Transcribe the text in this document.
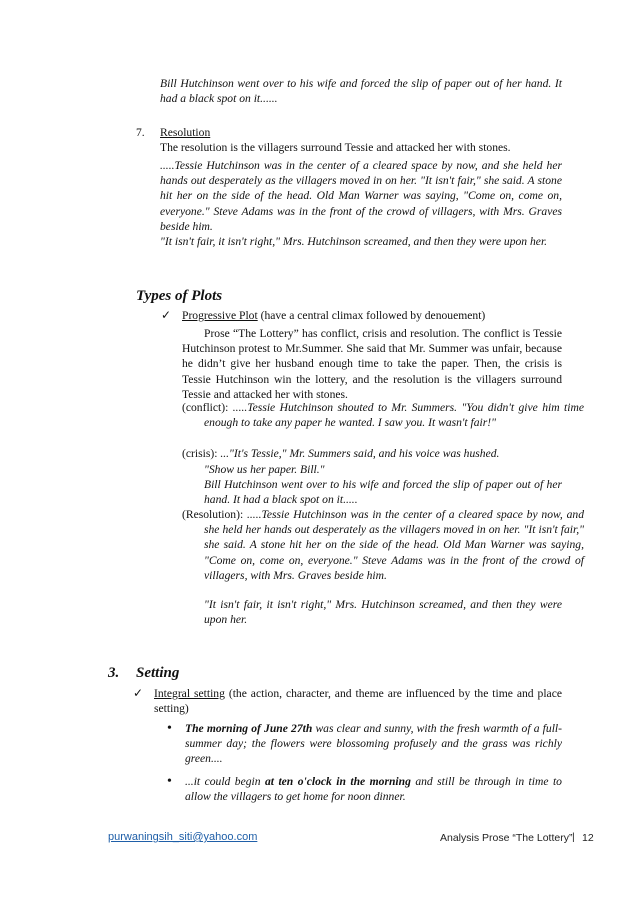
Bill Hutchinson went over to his wife and forced the slip of paper out of her hand. It had a black spot on it......

7. Resolution

The resolution is the villagers surround Tessie and attacked her with stones.

.....Tessie Hutchinson was in the center of a cleared space by now, and she held her hands out desperately as the villagers moved in on her. "It isn't fair," she said. A stone hit her on the side of the head. Old Man Warner was saying, "Come on, come on, everyone." Steve Adams was in the front of the crowd of villagers, with Mrs. Graves beside him.

"It isn't fair, it isn't right," Mrs. Hutchinson screamed, and then they were upon her.

Types of Plots

✓ Progressive Plot (have a central climax followed by denouement)

Prose “The Lottery” has conflict, crisis and resolution. The conflict is Tessie Hutchinson protest to Mr.Summer. She said that Mr. Summer was unfair, because he didn’t give her husband enough time to take the paper. Then, the crisis is Tessie Hutchinson win the lottery, and the resolution is the villagers surround Tessie and attacked her with stones.

(conflict): .....Tessie Hutchinson shouted to Mr. Summers. "You didn't give him time enough to take any paper he wanted. I saw you. It wasn't fair!"

(crisis): ..."It's Tessie," Mr. Summers said, and his voice was hushed.

"Show us her paper. Bill."

Bill Hutchinson went over to his wife and forced the slip of paper out of her hand. It had a black spot on it.....

(Resolution): .....Tessie Hutchinson was in the center of a cleared space by now, and she held her hands out desperately as the villagers moved in on her. "It isn't fair," she said. A stone hit her on the side of the head. Old Man Warner was saying, "Come on, come on, everyone." Steve Adams was in the front of the crowd of villagers, with Mrs. Graves beside him.

"It isn't fair, it isn't right," Mrs. Hutchinson screamed, and then they were upon her.

3. Setting
✓ Integral setting (the action, character, and theme are influenced by the time and place setting)

• The morning of June 27th was clear and sunny, with the fresh warmth of a full-summer day; the flowers were blossoming profusely and the grass was richly green....

• ...it could begin at ten o'clock in the morning and still be through in time to allow the villagers to get home for noon dinner.

purwaningsih_siti@yahoo.com	Analysis Prose “The Lottery” | 12
